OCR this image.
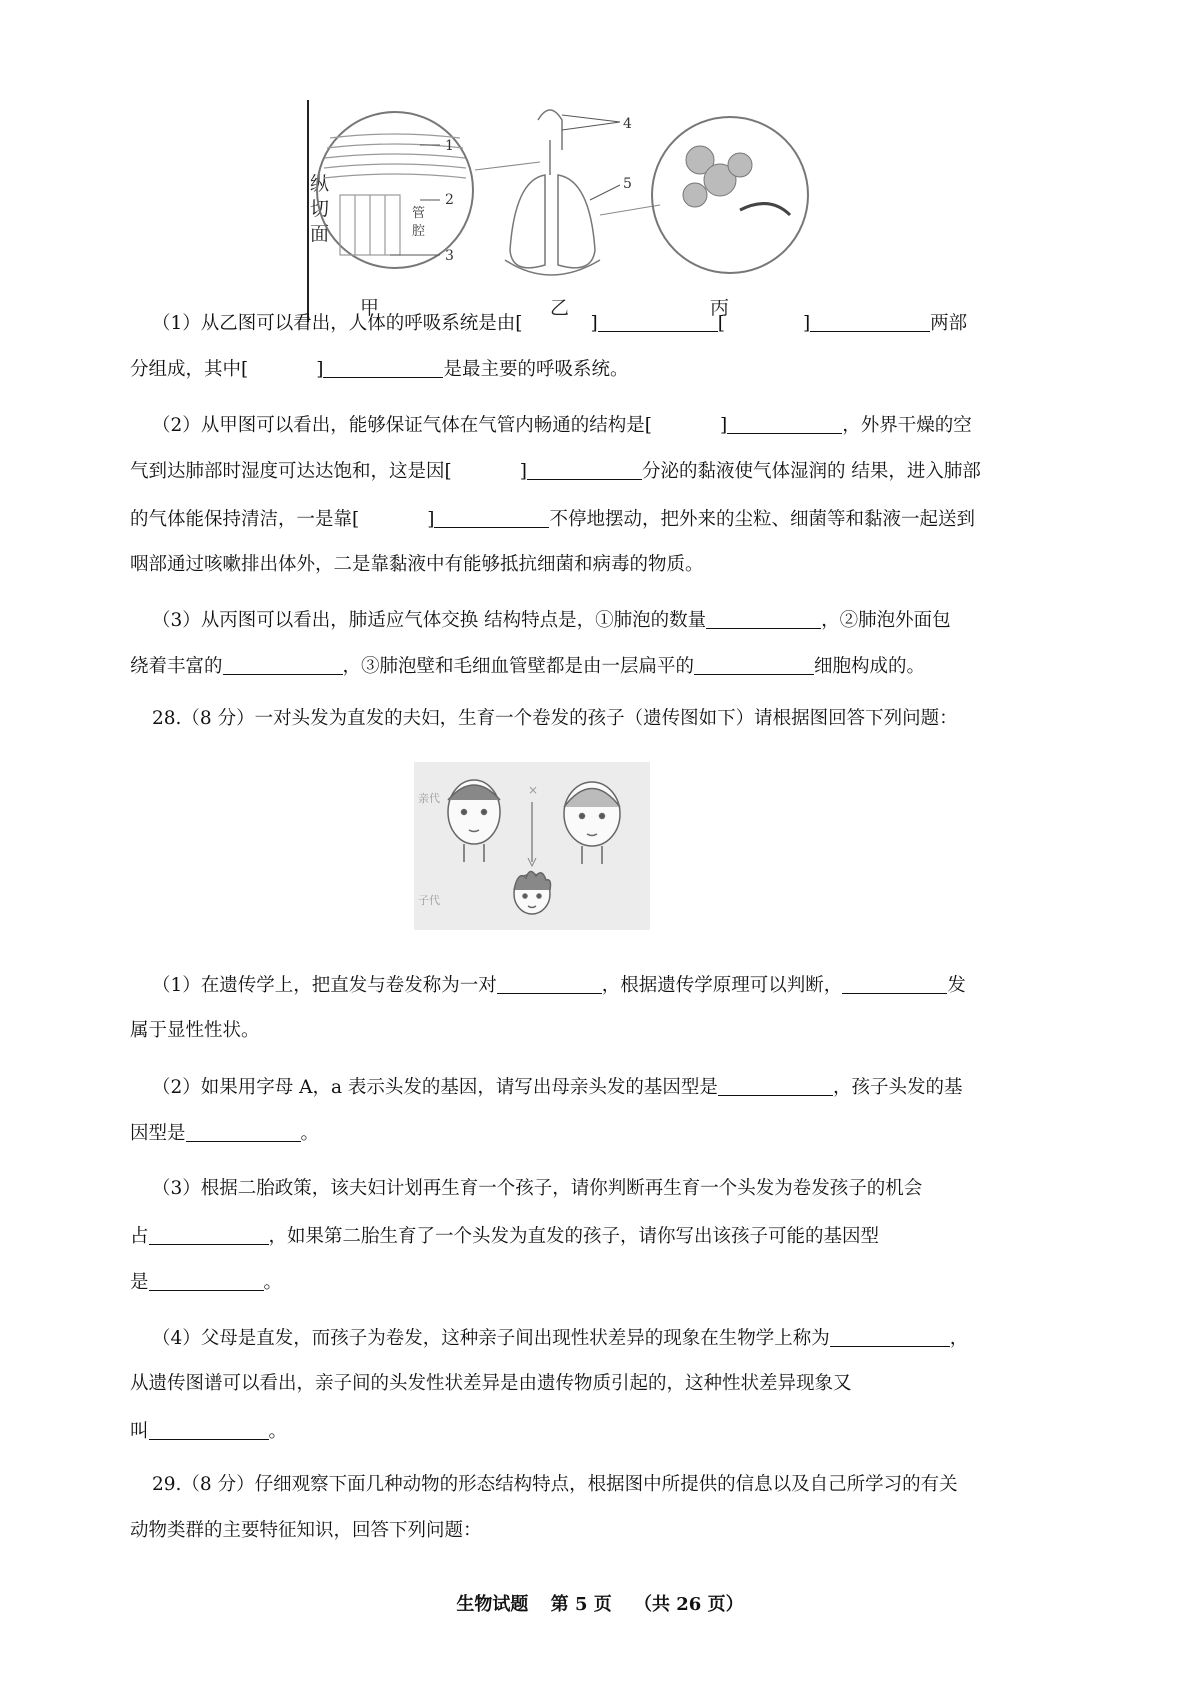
纵
切
面
管
腔
1
2
3
4
5
甲	乙	丙
（1）从乙图可以看出，人体的呼吸系统是由[	]	[	]	两部
分组成，其中[	]	是最主要的呼吸系统。
（2）从甲图可以看出，能够保证气体在气管内畅通的结构是[	]	，外界干燥的空
气到达肺部时湿度可达达饱和，这是因[	]	分泌的黏液使气体湿润的 结果，进入肺部
的气体能保持清洁，一是靠[	]	不停地摆动，把外来的尘粒、细菌等和黏液一起送到
咽部通过咳嗽排出体外，二是靠黏液中有能够抵抗细菌和病毒的物质。
（3）从丙图可以看出，肺适应气体交换 结构特点是，①肺泡的数量	，②肺泡外面包
绕着丰富的	，③肺泡壁和毛细血管壁都是由一层扁平的	细胞构成的。
28.（8 分）一对头发为直发的夫妇，生育一个卷发的孩子（遗传图如下）请根据图回答下列问题：
亲代
子代
×
（1）在遗传学上，把直发与卷发称为一对	，根据遗传学原理可以判断，	发
属于显性性状。
（2）如果用字母 A，a 表示头发的基因，请写出母亲头发的基因型是	，孩子头发的基
因型是	。
（3）根据二胎政策，该夫妇计划再生育一个孩子，请你判断再生育一个头发为卷发孩子的机会
占	，如果第二胎生育了一个头发为直发的孩子，请你写出该孩子可能的基因型
是	。
（4）父母是直发，而孩子为卷发，这种亲子间出现性状差异的现象在生物学上称为	，
从遗传图谱可以看出，亲子间的头发性状差异是由遗传物质引起的，这种性状差异现象又
叫	。
29.（8 分）仔细观察下面几种动物的形态结构特点，根据图中所提供的信息以及自己所学习的有关
动物类群的主要特征知识，回答下列问题：
生物试题 第 5 页 （共 26 页）
